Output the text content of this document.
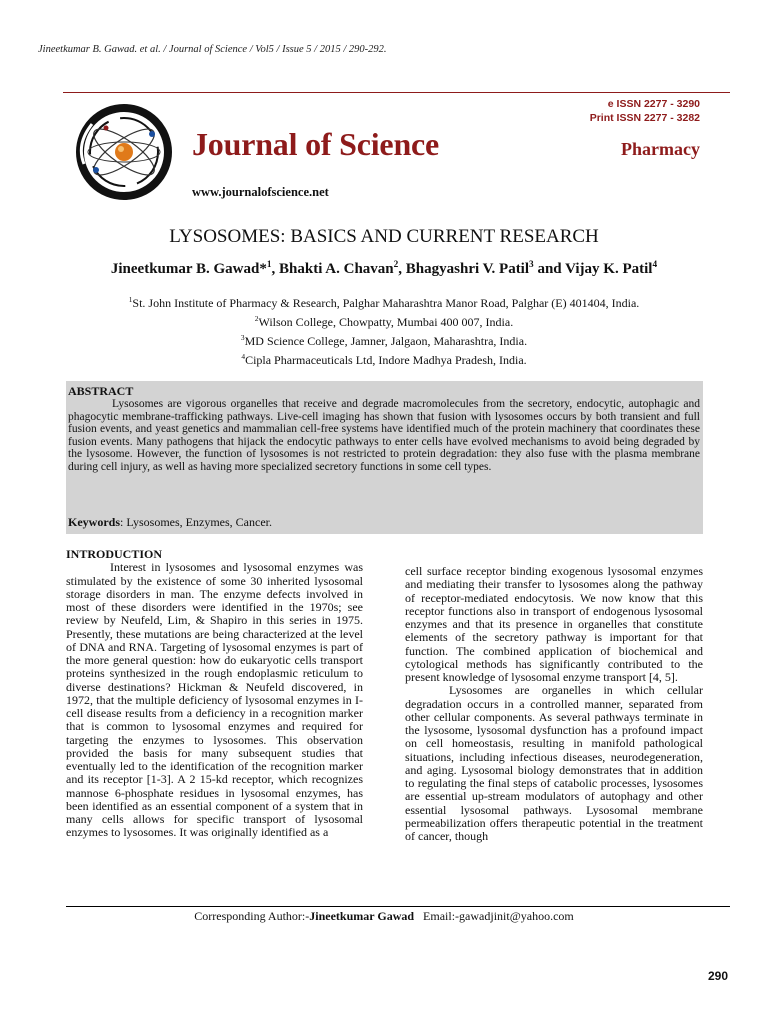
Jineetkumar B. Gawad. et al. / Journal of Science / Vol5 / Issue 5 / 2015 / 290-292.
e ISSN 2277 - 3290
Print ISSN 2277 - 3282
Journal of Science	Pharmacy
www.journalofscience.net
LYSOSOMES: BASICS AND CURRENT RESEARCH
Jineetkumar B. Gawad*$^1$, Bhakti A. Chavan$^2$, Bhagyashri V. Patil$^3$ and Vijay K. Patil$^4$
$^1$St. John Institute of Pharmacy & Research, Palghar Maharashtra Manor Road, Palghar (E) 401404, India.
$^2$Wilson College, Chowpatty, Mumbai 400 007, India.
$^3$MD Science College, Jamner, Jalgaon, Maharashtra, India.
$^4$Cipla Pharmaceuticals Ltd, Indore Madhya Pradesh, India.
ABSTRACT
Lysosomes are vigorous organelles that receive and degrade macromolecules from the secretory, endocytic, autophagic and phagocytic membrane-trafficking pathways. Live-cell imaging has shown that fusion with lysosomes occurs by both transient and full fusion events, and yeast genetics and mammalian cell-free systems have identified much of the protein machinery that coordinates these fusion events. Many pathogens that hijack the endocytic pathways to enter cells have evolved mechanisms to avoid being degraded by the lysosome. However, the function of lysosomes is not restricted to protein degradation: they also fuse with the plasma membrane during cell injury, as well as having more specialized secretory functions in some cell types.
Keywords: Lysosomes, Enzymes, Cancer.
INTRODUCTION

Interest in lysosomes and lysosomal enzymes was stimulated by the existence of some 30 inherited lysosomal storage disorders in man. The enzyme defects involved in most of these disorders were identified in the 1970s; see review by Neufeld, Lim, & Shapiro in this series in 1975. Presently, these mutations are being characterized at the level of DNA and RNA. Targeting of lysosomal enzymes is part of the more general question: how do eukaryotic cells transport proteins synthesized in the rough endoplasmic reticulum to diverse destinations? Hickman & Neufeld discovered, in 1972, that the multiple deficiency of lysosomal enzymes in I-cell disease results from a deficiency in a recognition marker that is common to lysosomal enzymes and required for targeting the enzymes to lysosomes. This observation provided the basis for many subsequent studies that eventually led to the identification of the recognition marker and its receptor [1-3]. A 2 15-kd receptor, which recognizes mannose 6-phosphate residues in lysosomal enzymes, has been identified as an essential component of a system that in many cells allows for specific transport of lysosomal enzymes to lysosomes. It was originally identified as a

cell surface receptor binding exogenous lysosomal enzymes and mediating their transfer to lysosomes along the pathway of receptor-mediated endocytosis. We now know that this receptor functions also in transport of endogenous lysosomal enzymes and that its presence in organelles that constitute elements of the secretory pathway is important for that function. The combined application of biochemical and cytological methods has significantly contributed to the present knowledge of lysosomal enzyme transport [4, 5].

Lysosomes are organelles in which cellular degradation occurs in a controlled manner, separated from other cellular components. As several pathways terminate in the lysosome, lysosomal dysfunction has a profound impact on cell homeostasis, resulting in manifold pathological situations, including infectious diseases, neurodegeneration, and aging. Lysosomal biology demonstrates that in addition to regulating the final steps of catabolic processes, lysosomes are essential up-stream modulators of autophagy and other essential lysosomal pathways. Lysosomal membrane permeabilization offers therapeutic potential in the treatment of cancer, though

Corresponding Author:-Jineetkumar Gawad Email:-gawadjinit@yahoo.com
290
